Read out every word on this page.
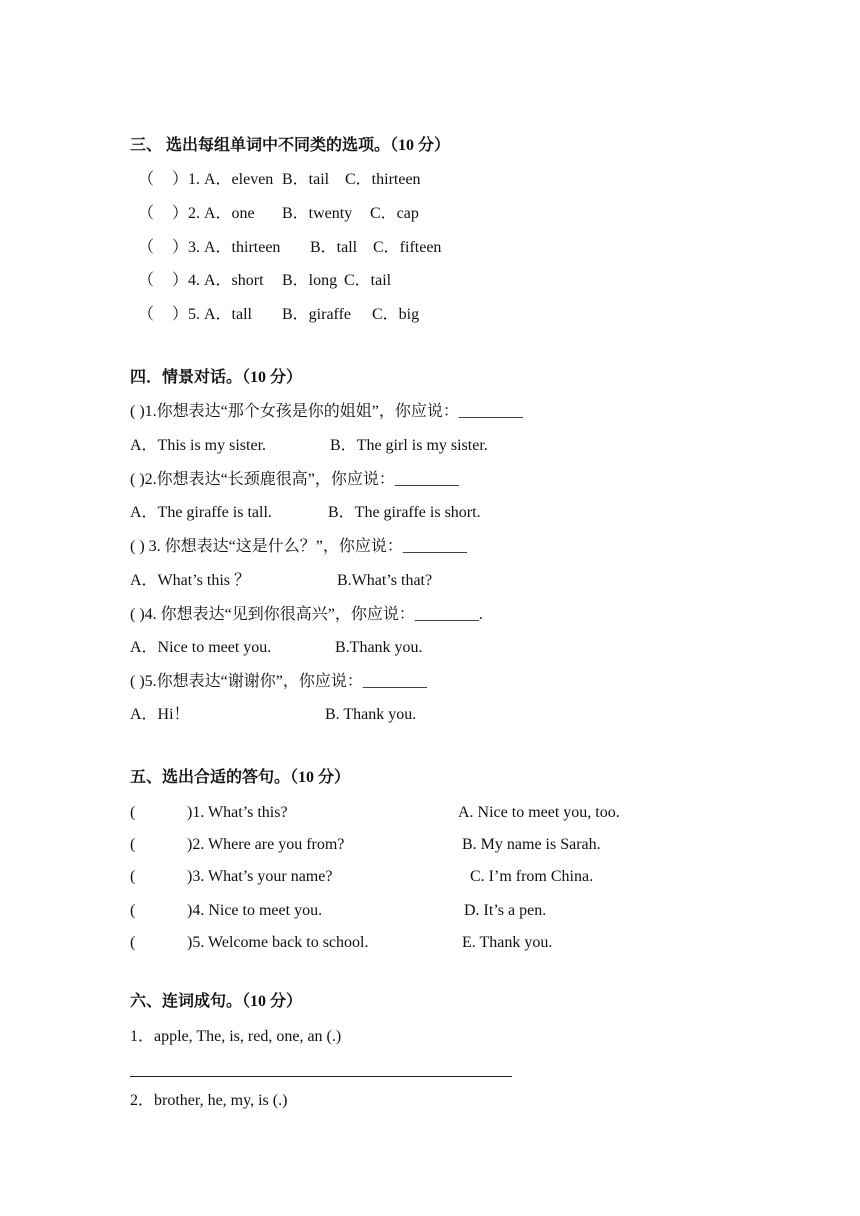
三、 选出每组单词中不同类的选项。（10 分）
（ ）1. A．eleven B．tail C．thirteen
（ ）2. A．one B．twenty C．cap
（ ）3. A．thirteen B．tall C．fifteen
（ ）4. A．short B．long C．tail
（ ）5. A．tall B．giraffe C．big
四．情景对话。（10 分）
( )1.你想表达“那个女孩是你的姐姐”，你应说：________
A．This is my sister.	B．The girl is my sister.
( )2.你想表达“长颈鹿很高”，你应说：________
A．The giraffe is tall.	B．The giraffe is short.
( ) 3. 你想表达“这是什么？”，你应说：________
A．What’s this ？	B.What’s that?
( )4. 你想表达“见到你很高兴”，你应说：________.
A．Nice to meet you.	B.Thank you.
( )5.你想表达“谢谢你”，你应说：________
A．Hi！	B. Thank you.
五、选出合适的答句。（10 分）
(	)1. What’s this?	A. Nice to meet you, too.
(	)2. Where are you from?	B. My name is Sarah.
(	)3. What’s your name?	C. I’m from China.
(	)4. Nice to meet you.	D. It’s a pen.
(	)5. Welcome back to school.	E. Thank you.
六、连词成句。（10 分）
1．apple, The, is, red, one, an (.)
2．brother, he, my, is (.)
